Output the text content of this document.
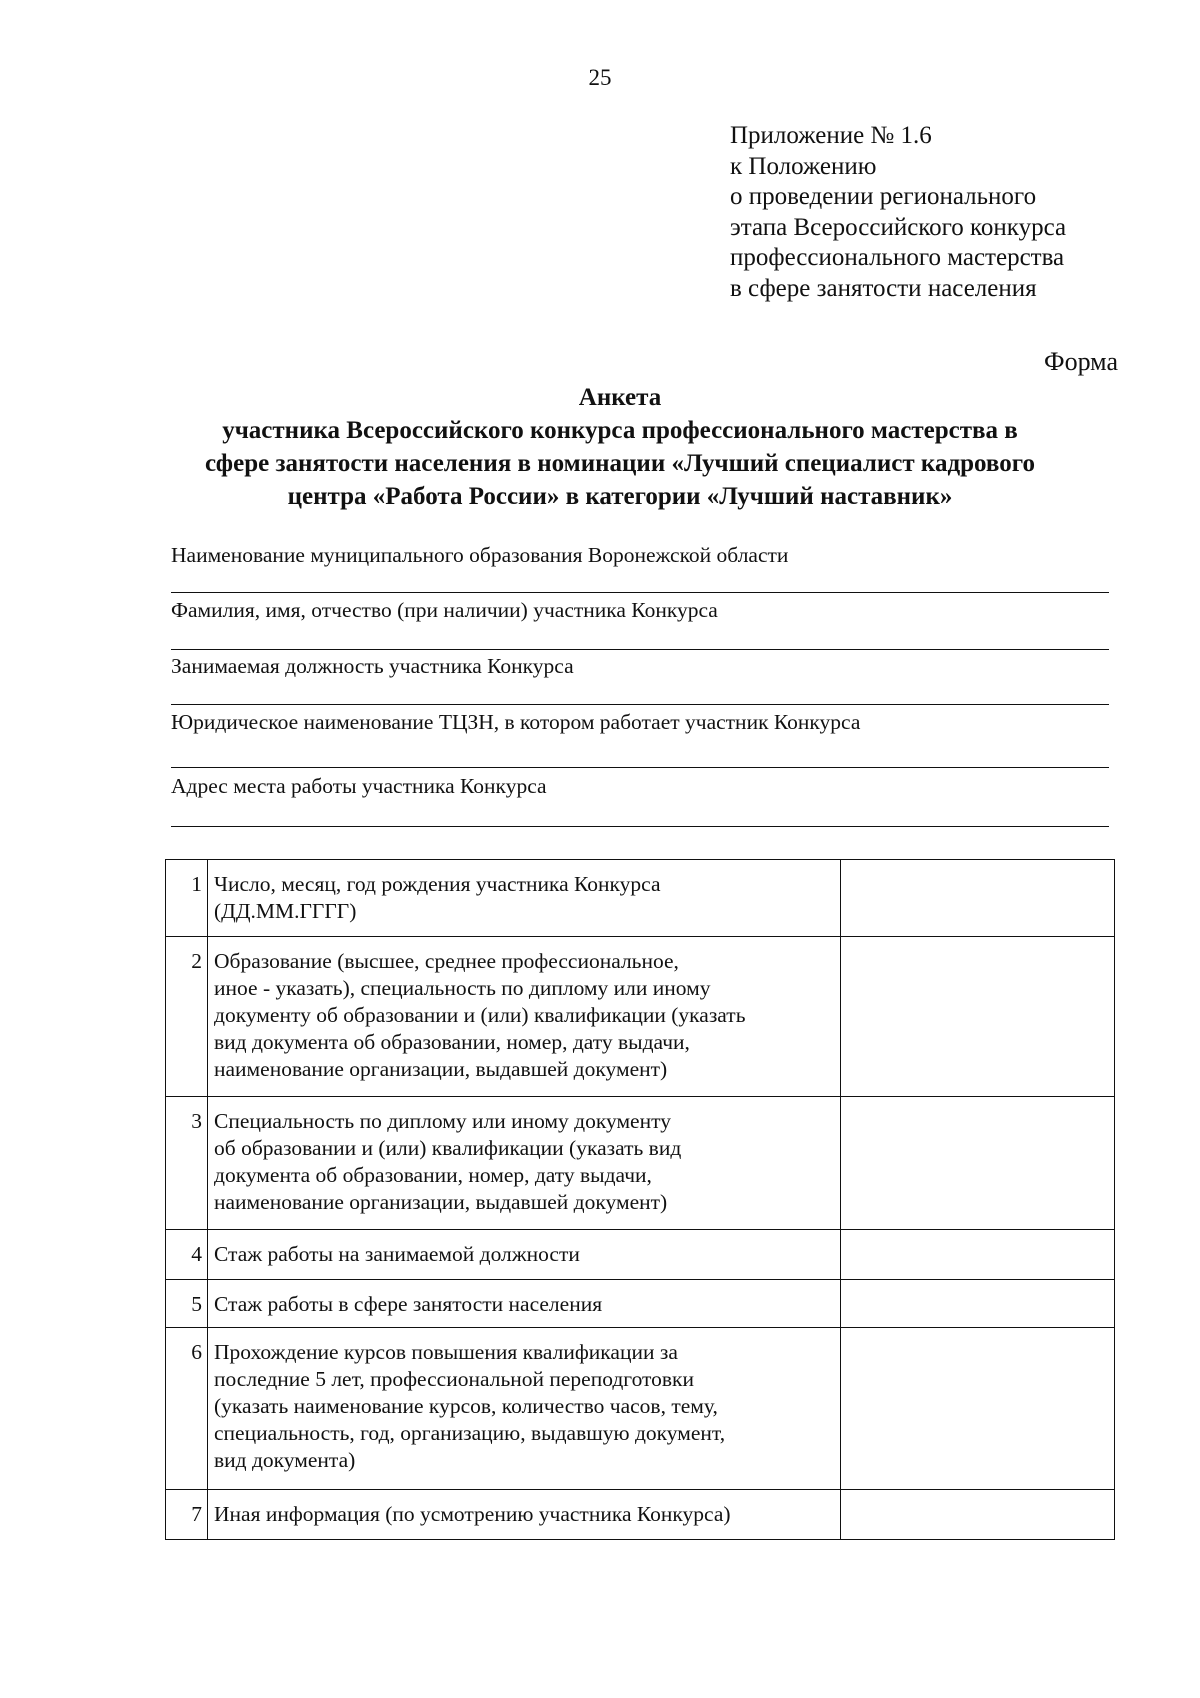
25
Приложение № 1.6
к Положению
о проведении регионального
этапа Всероссийского конкурса
профессионального мастерства
в сфере занятости населения
Форма
Анкета
участника Всероссийского конкурса профессионального мастерства в
сфере занятости населения в номинации «Лучший специалист кадрового
центра «Работа России» в категории «Лучший наставник»
Наименование муниципального образования Воронежской области
Фамилия, имя, отчество (при наличии) участника Конкурса
Занимаемая должность участника Конкурса
Юридическое наименование ТЦЗН, в котором работает участник Конкурса
Адрес места работы участника Конкурса
1	Число, месяц, год рождения участника Конкурса
(ДД.ММ.ГГГГ)	

2	Образование (высшее, среднее профессиональное,
иное - указать), специальность по диплому или иному
документу об образовании и (или) квалификации (указать
вид документа об образовании, номер, дату выдачи,
наименование организации, выдавшей документ)	

3	Специальность по диплому или иному документу
об образовании и (или) квалификации (указать вид
документа об образовании, номер, дату выдачи,
наименование организации, выдавшей документ)	

4	Стаж работы на занимаемой должности	

5	Стаж работы в сфере занятости населения	

6	Прохождение курсов повышения квалификации за
последние 5 лет, профессиональной переподготовки
(указать наименование курсов, количество часов, тему,
специальность, год, организацию, выдавшую документ,
вид документа)	

7	Иная информация (по усмотрению участника Конкурса)	
